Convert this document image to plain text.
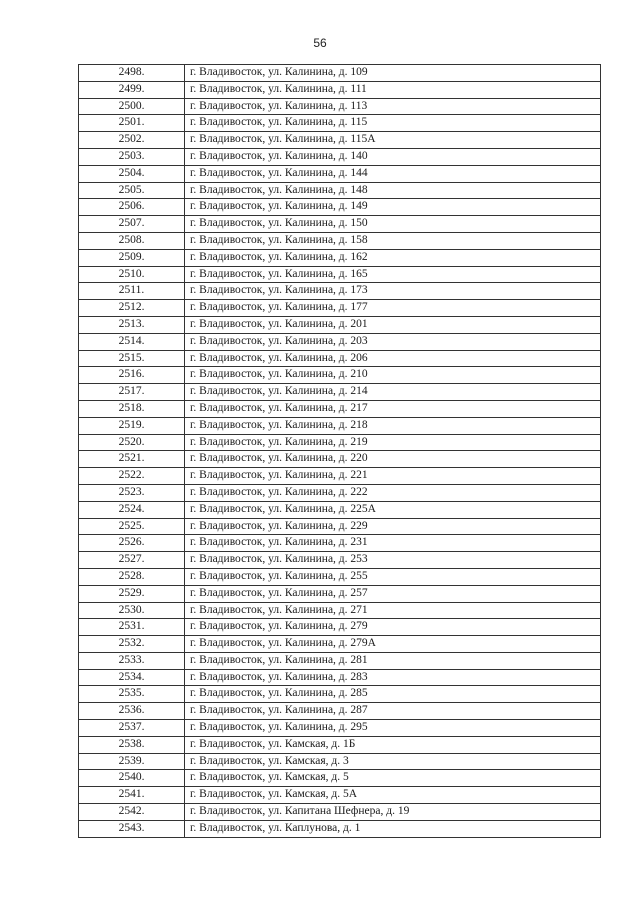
56
2498.	г. Владивосток, ул. Калинина, д. 109
2499.	г. Владивосток, ул. Калинина, д. 111
2500.	г. Владивосток, ул. Калинина, д. 113
2501.	г. Владивосток, ул. Калинина, д. 115
2502.	г. Владивосток, ул. Калинина, д. 115А
2503.	г. Владивосток, ул. Калинина, д. 140
2504.	г. Владивосток, ул. Калинина, д. 144
2505.	г. Владивосток, ул. Калинина, д. 148
2506.	г. Владивосток, ул. Калинина, д. 149
2507.	г. Владивосток, ул. Калинина, д. 150
2508.	г. Владивосток, ул. Калинина, д. 158
2509.	г. Владивосток, ул. Калинина, д. 162
2510.	г. Владивосток, ул. Калинина, д. 165
2511.	г. Владивосток, ул. Калинина, д. 173
2512.	г. Владивосток, ул. Калинина, д. 177
2513.	г. Владивосток, ул. Калинина, д. 201
2514.	г. Владивосток, ул. Калинина, д. 203
2515.	г. Владивосток, ул. Калинина, д. 206
2516.	г. Владивосток, ул. Калинина, д. 210
2517.	г. Владивосток, ул. Калинина, д. 214
2518.	г. Владивосток, ул. Калинина, д. 217
2519.	г. Владивосток, ул. Калинина, д. 218
2520.	г. Владивосток, ул. Калинина, д. 219
2521.	г. Владивосток, ул. Калинина, д. 220
2522.	г. Владивосток, ул. Калинина, д. 221
2523.	г. Владивосток, ул. Калинина, д. 222
2524.	г. Владивосток, ул. Калинина, д. 225А
2525.	г. Владивосток, ул. Калинина, д. 229
2526.	г. Владивосток, ул. Калинина, д. 231
2527.	г. Владивосток, ул. Калинина, д. 253
2528.	г. Владивосток, ул. Калинина, д. 255
2529.	г. Владивосток, ул. Калинина, д. 257
2530.	г. Владивосток, ул. Калинина, д. 271
2531.	г. Владивосток, ул. Калинина, д. 279
2532.	г. Владивосток, ул. Калинина, д. 279А
2533.	г. Владивосток, ул. Калинина, д. 281
2534.	г. Владивосток, ул. Калинина, д. 283
2535.	г. Владивосток, ул. Калинина, д. 285
2536.	г. Владивосток, ул. Калинина, д. 287
2537.	г. Владивосток, ул. Калинина, д. 295
2538.	г. Владивосток, ул. Камская, д. 1Б
2539.	г. Владивосток, ул. Камская, д. 3
2540.	г. Владивосток, ул. Камская, д. 5
2541.	г. Владивосток, ул. Камская, д. 5А
2542.	г. Владивосток, ул. Капитана Шефнера, д. 19
2543.	г. Владивосток, ул. Каплунова, д. 1
